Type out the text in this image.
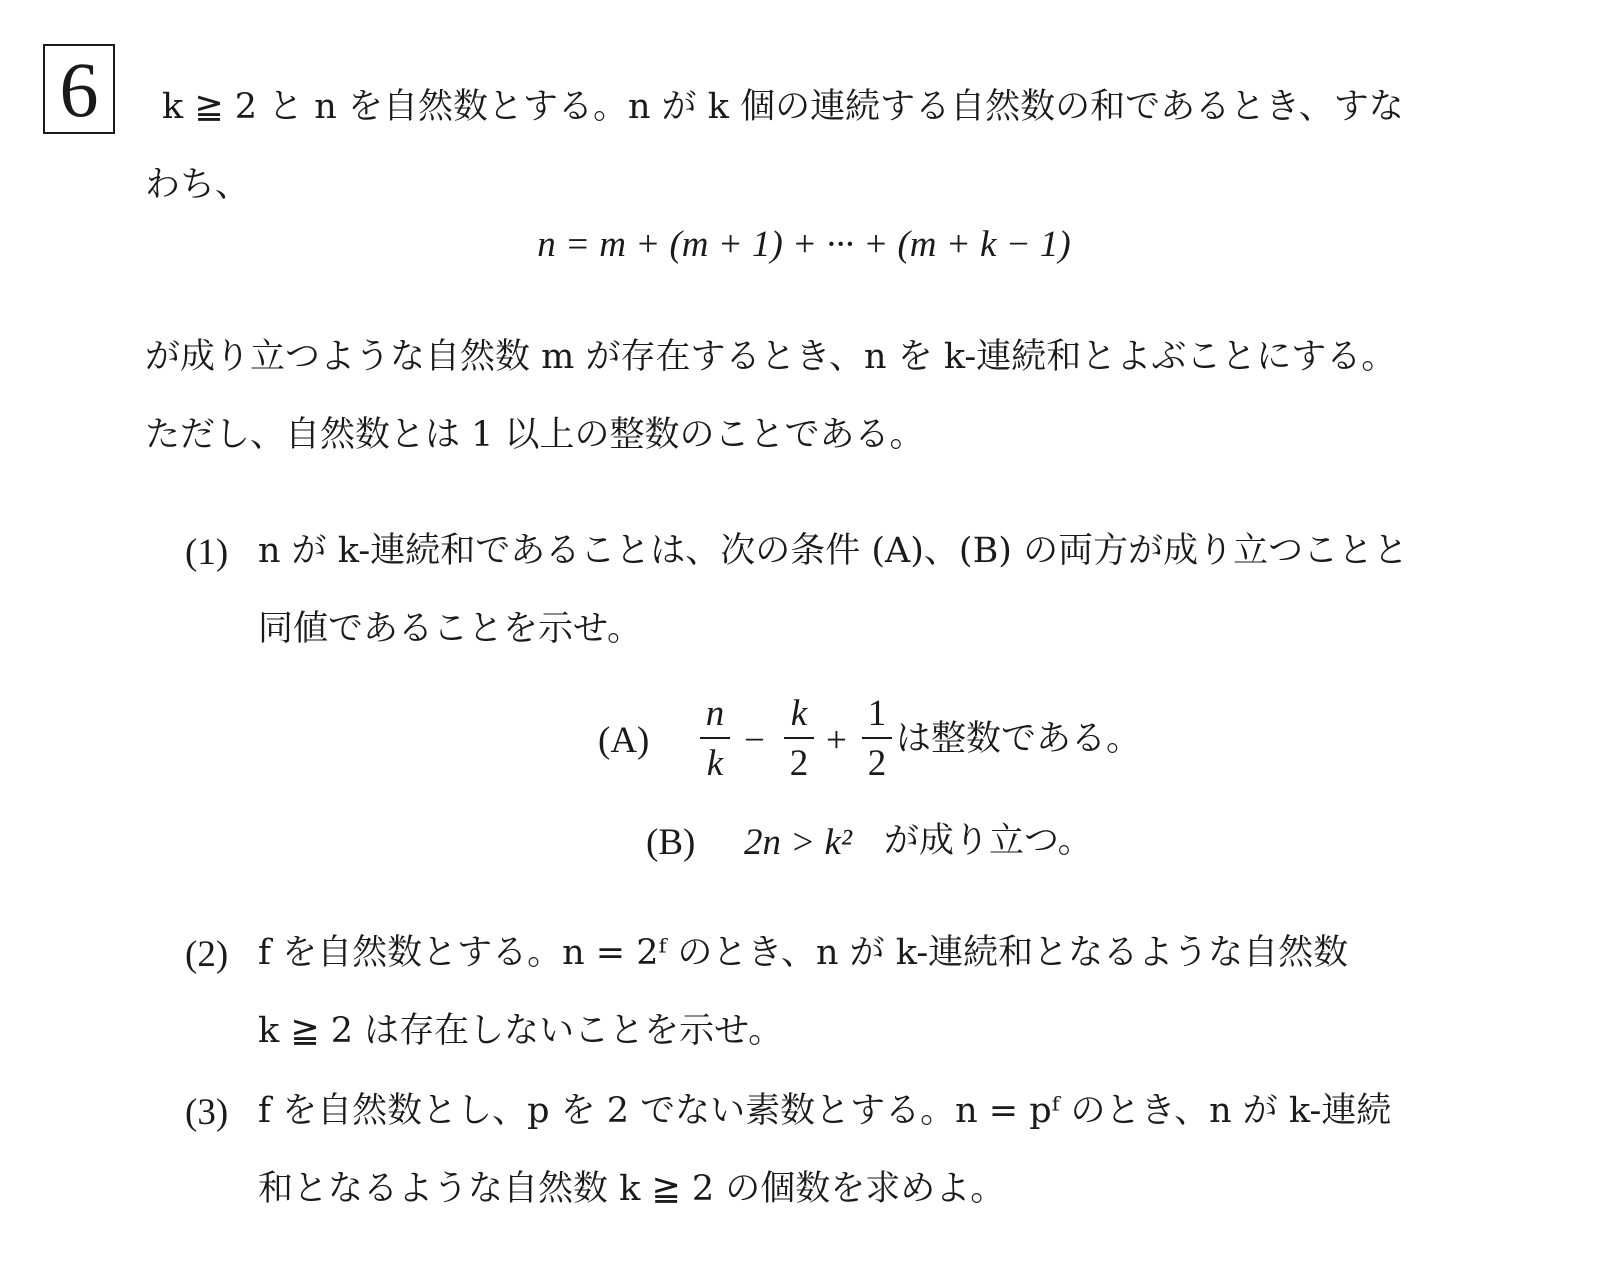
6	k ≧ 2 と n を自然数とする。n が k 個の連続する自然数の和であるとき、すな
わち、
n = m + (m + 1) + ··· + (m + k − 1)
が成り立つような自然数 m が存在するとき、n を k-連続和とよぶことにする。
ただし、自然数とは 1 以上の整数のことである。
(1) n が k-連続和であることは、次の条件 (A)、(B) の両方が成り立つことと
同値であることを示せ。
(A)
n
k
−
k
2
+
1
2
は整数である。
(B) 2n > k² が成り立つ。
(2) f を自然数とする。n = 2ᶠ のとき、n が k-連続和となるような自然数
k ≧ 2 は存在しないことを示せ。
(3) f を自然数とし、p を 2 でない素数とする。n = pᶠ のとき、n が k-連続
和となるような自然数 k ≧ 2 の個数を求めよ。
